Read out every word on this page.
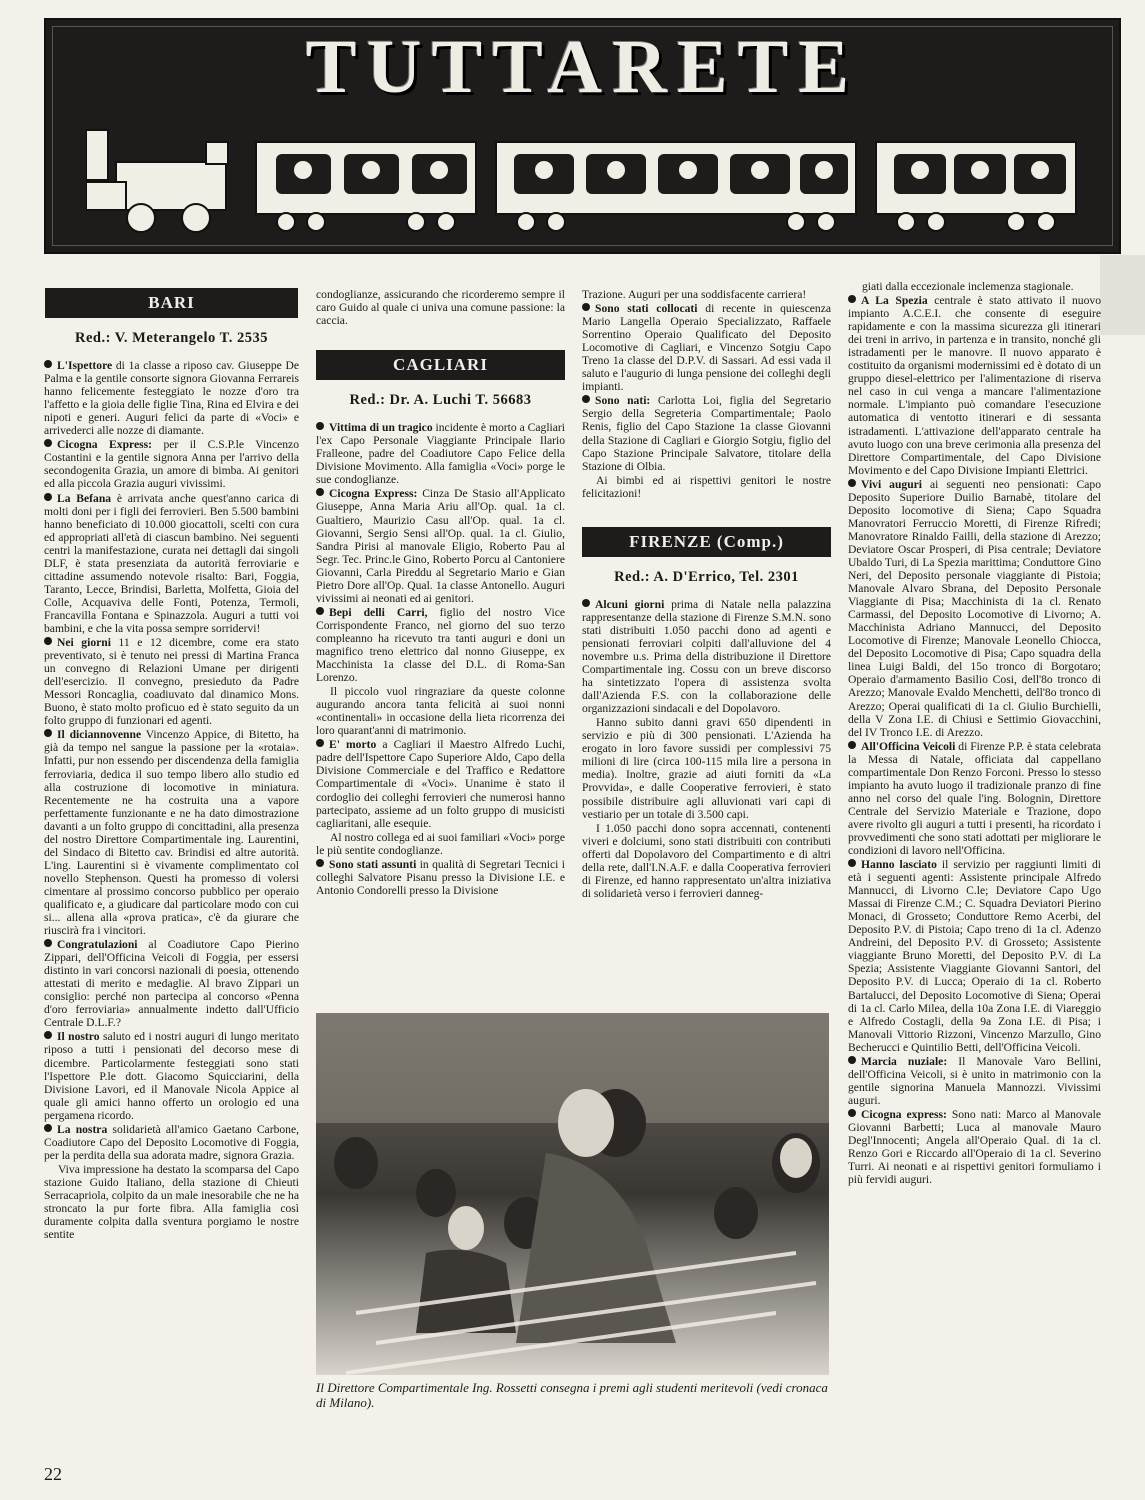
TUTTARETE
BARI
Red.: V. Meterangelo T. 2535

L'Ispettore di 1a classe a riposo cav. Giuseppe De Palma e la gentile consorte signora Giovanna Ferrareis hanno felicemente festeggiato le nozze d'oro tra l'affetto e la gioia delle figlie Tina, Rina ed Elvira e dei nipoti e generi. Auguri felici da parte di «Voci» e arrivederci alle nozze di diamante.

Cicogna Express: per il C.S.P.le Vincenzo Costantini e la gentile signora Anna per l'arrivo della secondogenita Grazia, un amore di bimba. Ai genitori ed alla piccola Grazia auguri vivissimi.

La Befana è arrivata anche quest'anno carica di molti doni per i figli dei ferrovieri. Ben 5.500 bambini hanno beneficiato di 10.000 giocattoli, scelti con cura ed appropriati all'età di ciascun bambino. Nei seguenti centri la manifestazione, curata nei dettagli dai singoli DLF, è stata presenziata da autorità ferroviarie e cittadine assumendo notevole risalto: Bari, Foggia, Taranto, Lecce, Brindisi, Barletta, Molfetta, Gioia del Colle, Acquaviva delle Fonti, Potenza, Termoli, Francavilla Fontana e Spinazzola. Auguri a tutti voi bambini, e che la vita possa sempre sorridervi!

Nei giorni 11 e 12 dicembre, come era stato preventivato, si è tenuto nei pressi di Martina Franca un convegno di Relazioni Umane per dirigenti dell'esercizio. Il convegno, presieduto da Padre Messori Roncaglia, coadiuvato dal dinamico Mons. Buono, è stato molto proficuo ed è stato seguito da un folto gruppo di funzionari ed agenti.

Il diciannovenne Vincenzo Appice, di Bitetto, ha già da tempo nel sangue la passione per la «rotaia». Infatti, pur non essendo per discendenza della famiglia ferroviaria, dedica il suo tempo libero allo studio ed alla costruzione di locomotive in miniatura. Recentemente ne ha costruita una a vapore perfettamente funzionante e ne ha dato dimostrazione davanti a un folto gruppo di concittadini, alla presenza del nostro Direttore Compartimentale ing. Laurentini, del Sindaco di Bitetto cav. Brindisi ed altre autorità. L'ing. Laurentini si è vivamente complimentato col novello Stephenson. Questi ha promesso di volersi cimentare al prossimo concorso pubblico per operaio qualificato e, a giudicare dal particolare modo con cui si... allena alla «prova pratica», c'è da giurare che riuscirà fra i vincitori.

Congratulazioni al Coadiutore Capo Pierino Zippari, dell'Officina Veicoli di Foggia, per essersi distinto in vari concorsi nazionali di poesia, ottenendo attestati di merito e medaglie. Al bravo Zippari un consiglio: perché non partecipa al concorso «Penna d'oro ferroviaria» annualmente indetto dall'Ufficio Centrale D.L.F.?

Il nostro saluto ed i nostri auguri di lungo meritato riposo a tutti i pensionati del decorso mese di dicembre. Particolarmente festeggiati sono stati l'Ispettore P.le dott. Giacomo Squicciarini, della Divisione Lavori, ed il Manovale Nicola Appice al quale gli amici hanno offerto un orologio ed una pergamena ricordo.

La nostra solidarietà all'amico Gaetano Carbone, Coadiutore Capo del Deposito Locomotive di Foggia, per la perdita della sua adorata madre, signora Grazia.

Viva impressione ha destato la scomparsa del Capo stazione Guido Italiano, della stazione di Chieuti Serracapriola, colpito da un male inesorabile che ne ha stroncato la pur forte fibra. Alla famiglia così duramente colpita dalla sventura porgiamo le nostre sentite

condoglianze, assicurando che ricorderemo sempre il caro Guido al quale ci univa una comune passione: la caccia.

CAGLIARI
Red.: Dr. A. Luchi T. 56683

Vittima di un tragico incidente è morto a Cagliari l'ex Capo Personale Viaggiante Principale Ilario Fralleone, padre del Coadiutore Capo Felice della Divisione Movimento. Alla famiglia «Voci» porge le sue condoglianze.

Cicogna Express: Cinza De Stasio all'Applicato Giuseppe, Anna Maria Ariu all'Op. qual. 1a cl. Gualtiero, Maurizio Casu all'Op. qual. 1a cl. Giovanni, Sergio Sensi all'Op. qual. 1a cl. Giulio, Sandra Pirisi al manovale Eligio, Roberto Pau al Segr. Tec. Princ.le Gino, Roberto Porcu al Cantoniere Giovanni, Carla Pireddu al Segretario Mario e Gian Pietro Dore all'Op. Qual. 1a classe Antonello. Auguri vivissimi ai neonati ed ai genitori.

Bepi delli Carri, figlio del nostro Vice Corrispondente Franco, nel giorno del suo terzo compleanno ha ricevuto tra tanti auguri e doni un magnifico treno elettrico dal nonno Giuseppe, ex Macchinista 1a classe del D.L. di Roma-San Lorenzo.

Il piccolo vuol ringraziare da queste colonne augurando ancora tanta felicità ai suoi nonni «continentali» in occasione della lieta ricorrenza dei loro quarant'anni di matrimonio.

E' morto a Cagliari il Maestro Alfredo Luchi, padre dell'Ispettore Capo Superiore Aldo, Capo della Divisione Commerciale e del Traffico e Redattore Compartimentale di «Voci». Unanime è stato il cordoglio dei colleghi ferrovieri che numerosi hanno partecipato, assieme ad un folto gruppo di musicisti cagliaritani, alle esequie.

Al nostro collega ed ai suoi familiari «Voci» porge le più sentite condoglianze.

Sono stati assunti in qualità di Segretari Tecnici i colleghi Salvatore Pisanu presso la Divisione I.E. e Antonio Condorelli presso la Divisione

Trazione. Auguri per una soddisfacente carriera!

Sono stati collocati di recente in quiescenza Mario Langella Operaio Specializzato, Raffaele Sorrentino Operaio Qualificato del Deposito Locomotive di Cagliari, e Vincenzo Sotgiu Capo Treno 1a classe del D.P.V. di Sassari. Ad essi vada il saluto e l'augurio di lunga pensione dei colleghi degli impianti.

Sono nati: Carlotta Loi, figlia del Segretario Sergio della Segreteria Compartimentale; Paolo Renis, figlio del Capo Stazione 1a classe Giovanni della Stazione di Cagliari e Giorgio Sotgiu, figlio del Capo Stazione Principale Salvatore, titolare della Stazione di Olbia.

Ai bimbi ed ai rispettivi genitori le nostre felicitazioni!

FIRENZE (Comp.)
Red.: A. D'Errico, Tel. 2301

Alcuni giorni prima di Natale nella palazzina rappresentanze della stazione di Firenze S.M.N. sono stati distribuiti 1.050 pacchi dono ad agenti e pensionati ferroviari colpiti dall'alluvione del 4 novembre u.s. Prima della distribuzione il Direttore Compartimentale ing. Cossu con un breve discorso ha sintetizzato l'opera di assistenza svolta dall'Azienda F.S. con la collaborazione delle organizzazioni sindacali e del Dopolavoro.

Hanno subito danni gravi 650 dipendenti in servizio e più di 300 pensionati. L'Azienda ha erogato in loro favore sussidi per complessivi 75 milioni di lire (circa 100-115 mila lire a persona in media). Inoltre, grazie ad aiuti forniti da «La Provvida», e dalle Cooperative ferrovieri, è stato possibile distribuire agli alluvionati vari capi di vestiario per un totale di 3.500 capi.

I 1.050 pacchi dono sopra accennati, contenenti viveri e dolciumi, sono stati distribuiti con contributi offerti dal Dopolavoro del Compartimento e di altri della rete, dall'I.N.A.F. e dalla Cooperativa ferrovieri di Firenze, ed hanno rappresentato un'altra iniziativa di solidarietà verso i ferrovieri danneg-

giati dalla eccezionale inclemenza stagionale.

A La Spezia centrale è stato attivato il nuovo impianto A.C.E.I. che consente di eseguire rapidamente e con la massima sicurezza gli itinerari dei treni in arrivo, in partenza e in transito, nonché gli istradamenti per le manovre. Il nuovo apparato è costituito da organismi modernissimi ed è dotato di un gruppo diesel-elettrico per l'alimentazione di riserva nel caso in cui venga a mancare l'alimentazione normale. L'impianto può comandare l'esecuzione automatica di ventotto itinerari e di sessanta istradamenti. L'attivazione dell'apparato centrale ha avuto luogo con una breve cerimonia alla presenza del Direttore Compartimentale, del Capo Divisione Movimento e del Capo Divisione Impianti Elettrici.

Vivi auguri ai seguenti neo pensionati: Capo Deposito Superiore Duilio Barnabè, titolare del Deposito locomotive di Siena; Capo Squadra Manovratori Ferruccio Moretti, di Firenze Rifredi; Manovratore Rinaldo Failli, della stazione di Arezzo; Deviatore Oscar Prosperi, di Pisa centrale; Deviatore Ubaldo Turi, di La Spezia marittima; Conduttore Gino Neri, del Deposito personale viaggiante di Pistoia; Manovale Alvaro Sbrana, del Deposito Personale Viaggiante di Pisa; Macchinista di 1a cl. Renato Carmassi, del Deposito Locomotive di Livorno; A. Macchinista Adriano Mannucci, del Deposito Locomotive di Firenze; Manovale Leonello Chiocca, del Deposito Locomotive di Pisa; Capo squadra della linea Luigi Baldi, del 15o tronco di Borgotaro; Operaio d'armamento Basilio Cosi, dell'8o tronco di Arezzo; Manovale Evaldo Menchetti, dell'8o tronco di Arezzo; Operai qualificati di 1a cl. Giulio Burchielli, della V Zona I.E. di Chiusi e Settimio Giovacchini, del IV Tronco I.E. di Arezzo.

All'Officina Veicoli di Firenze P.P. è stata celebrata la Messa di Natale, officiata dal cappellano compartimentale Don Renzo Forconi. Presso lo stesso impianto ha avuto luogo il tradizionale pranzo di fine anno nel corso del quale l'ing. Bolognin, Direttore Centrale del Servizio Materiale e Trazione, dopo avere rivolto gli auguri a tutti i presenti, ha ricordato i provvedimenti che sono stati adottati per migliorare le condizioni di lavoro nell'Officina.

Hanno lasciato il servizio per raggiunti limiti di età i seguenti agenti: Assistente principale Alfredo Mannucci, di Livorno C.le; Deviatore Capo Ugo Massai di Firenze C.M.; C. Squadra Deviatori Pierino Monaci, di Grosseto; Conduttore Remo Acerbi, del Deposito P.V. di Pistoia; Capo treno di 1a cl. Adenzo Andreini, del Deposito P.V. di Grosseto; Assistente viaggiante Bruno Moretti, del Deposito P.V. di La Spezia; Assistente Viaggiante Giovanni Santori, del Deposito P.V. di Lucca; Operaio di 1a cl. Roberto Bartalucci, del Deposito Locomotive di Siena; Operai di 1a cl. Carlo Milea, della 10a Zona I.E. di Viareggio e Alfredo Costagli, della 9a Zona I.E. di Pisa; i Manovali Vittorio Rizzoni, Vincenzo Marzullo, Gino Becherucci e Quintilio Betti, dell'Officina Veicoli.

Marcia nuziale: Il Manovale Varo Bellini, dell'Officina Veicoli, si è unito in matrimonio con la gentile signorina Manuela Mannozzi. Vivissimi auguri.

Cicogna express: Sono nati: Marco al Manovale Giovanni Barbetti; Luca al manovale Mauro Degl'Innocenti; Angela all'Operaio Qual. di 1a cl. Renzo Gori e Riccardo all'Operaio di 1a cl. Severino Turri. Ai neonati e ai rispettivi genitori formuliamo i più fervidi auguri.

Il Direttore Compartimentale Ing. Rossetti consegna i premi agli studenti meritevoli (vedi cronaca di Milano).
22
